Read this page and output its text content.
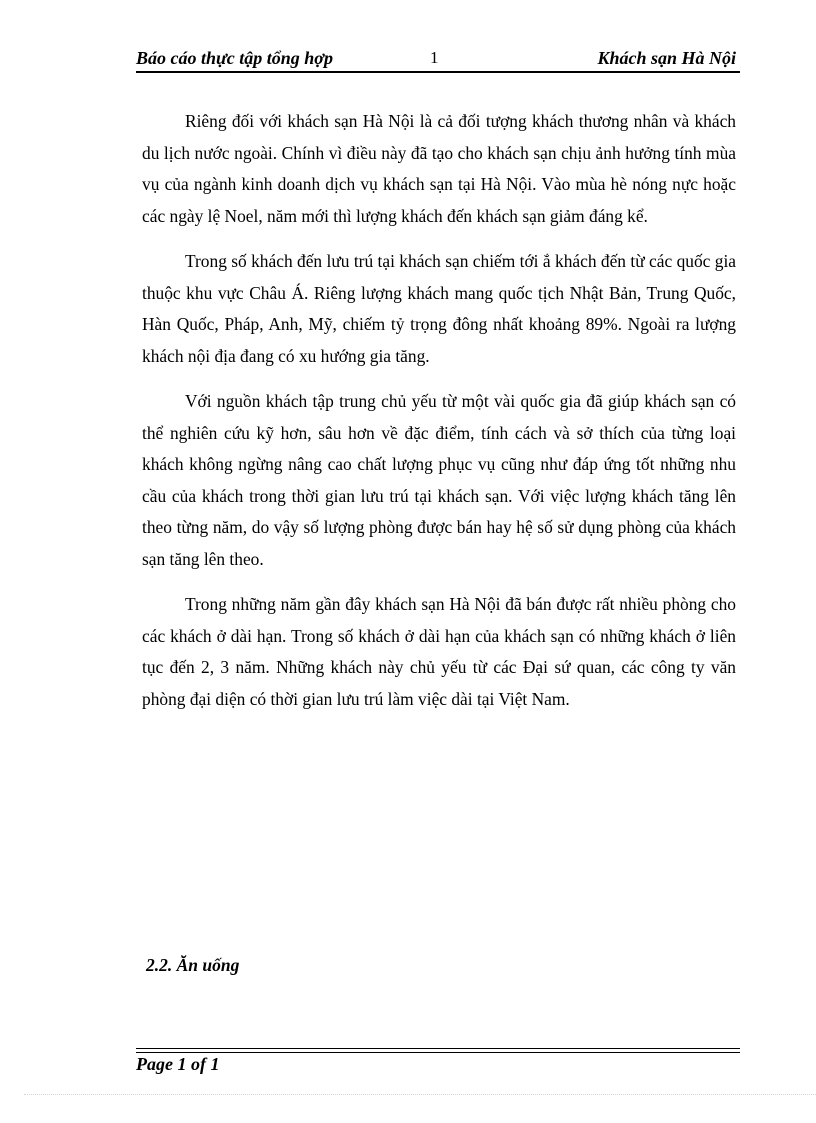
Báo cáo thực tập tổng hợp	1	Khách sạn Hà Nội

Riêng đối với khách sạn Hà Nội là cả đối tượng khách thương nhân và khách du lịch nước ngoài. Chính vì điều này đã tạo cho khách sạn chịu ảnh hưởng tính mùa vụ của ngành kinh doanh dịch vụ khách sạn tại Hà Nội. Vào mùa hè nóng nực hoặc các ngày lệ Noel, năm mới thì lượng khách đến khách sạn giảm đáng kể.

Trong số khách đến lưu trú tại khách sạn chiếm tới ắ khách đến từ các quốc gia thuộc khu vực Châu Á. Riêng lượng khách mang quốc tịch Nhật Bản, Trung Quốc, Hàn Quốc, Pháp, Anh, Mỹ, chiếm tỷ trọng đông nhất khoảng 89%. Ngoài ra lượng khách nội địa đang có xu hướng gia tăng.

Với nguồn khách tập trung chủ yếu từ một vài quốc gia đã giúp khách sạn có thể nghiên cứu kỹ hơn, sâu hơn về đặc điểm, tính cách và sở thích của từng loại khách không ngừng nâng cao chất lượng phục vụ cũng như đáp ứng tốt những nhu cầu của khách trong thời gian lưu trú tại khách sạn. Với việc lượng khách tăng lên theo từng năm, do vậy số lượng phòng được bán hay hệ số sử dụng phòng của khách sạn tăng lên theo.

Trong những năm gần đây khách sạn Hà Nội đã bán được rất nhiều phòng cho các khách ở dài hạn. Trong số khách ở dài hạn của khách sạn có những khách ở liên tục đến 2, 3 năm. Những khách này chủ yếu từ các Đại sứ quan, các công ty văn phòng đại diện có thời gian lưu trú làm việc dài tại Việt Nam.

2.2. Ăn uống
Page 1 of 1
